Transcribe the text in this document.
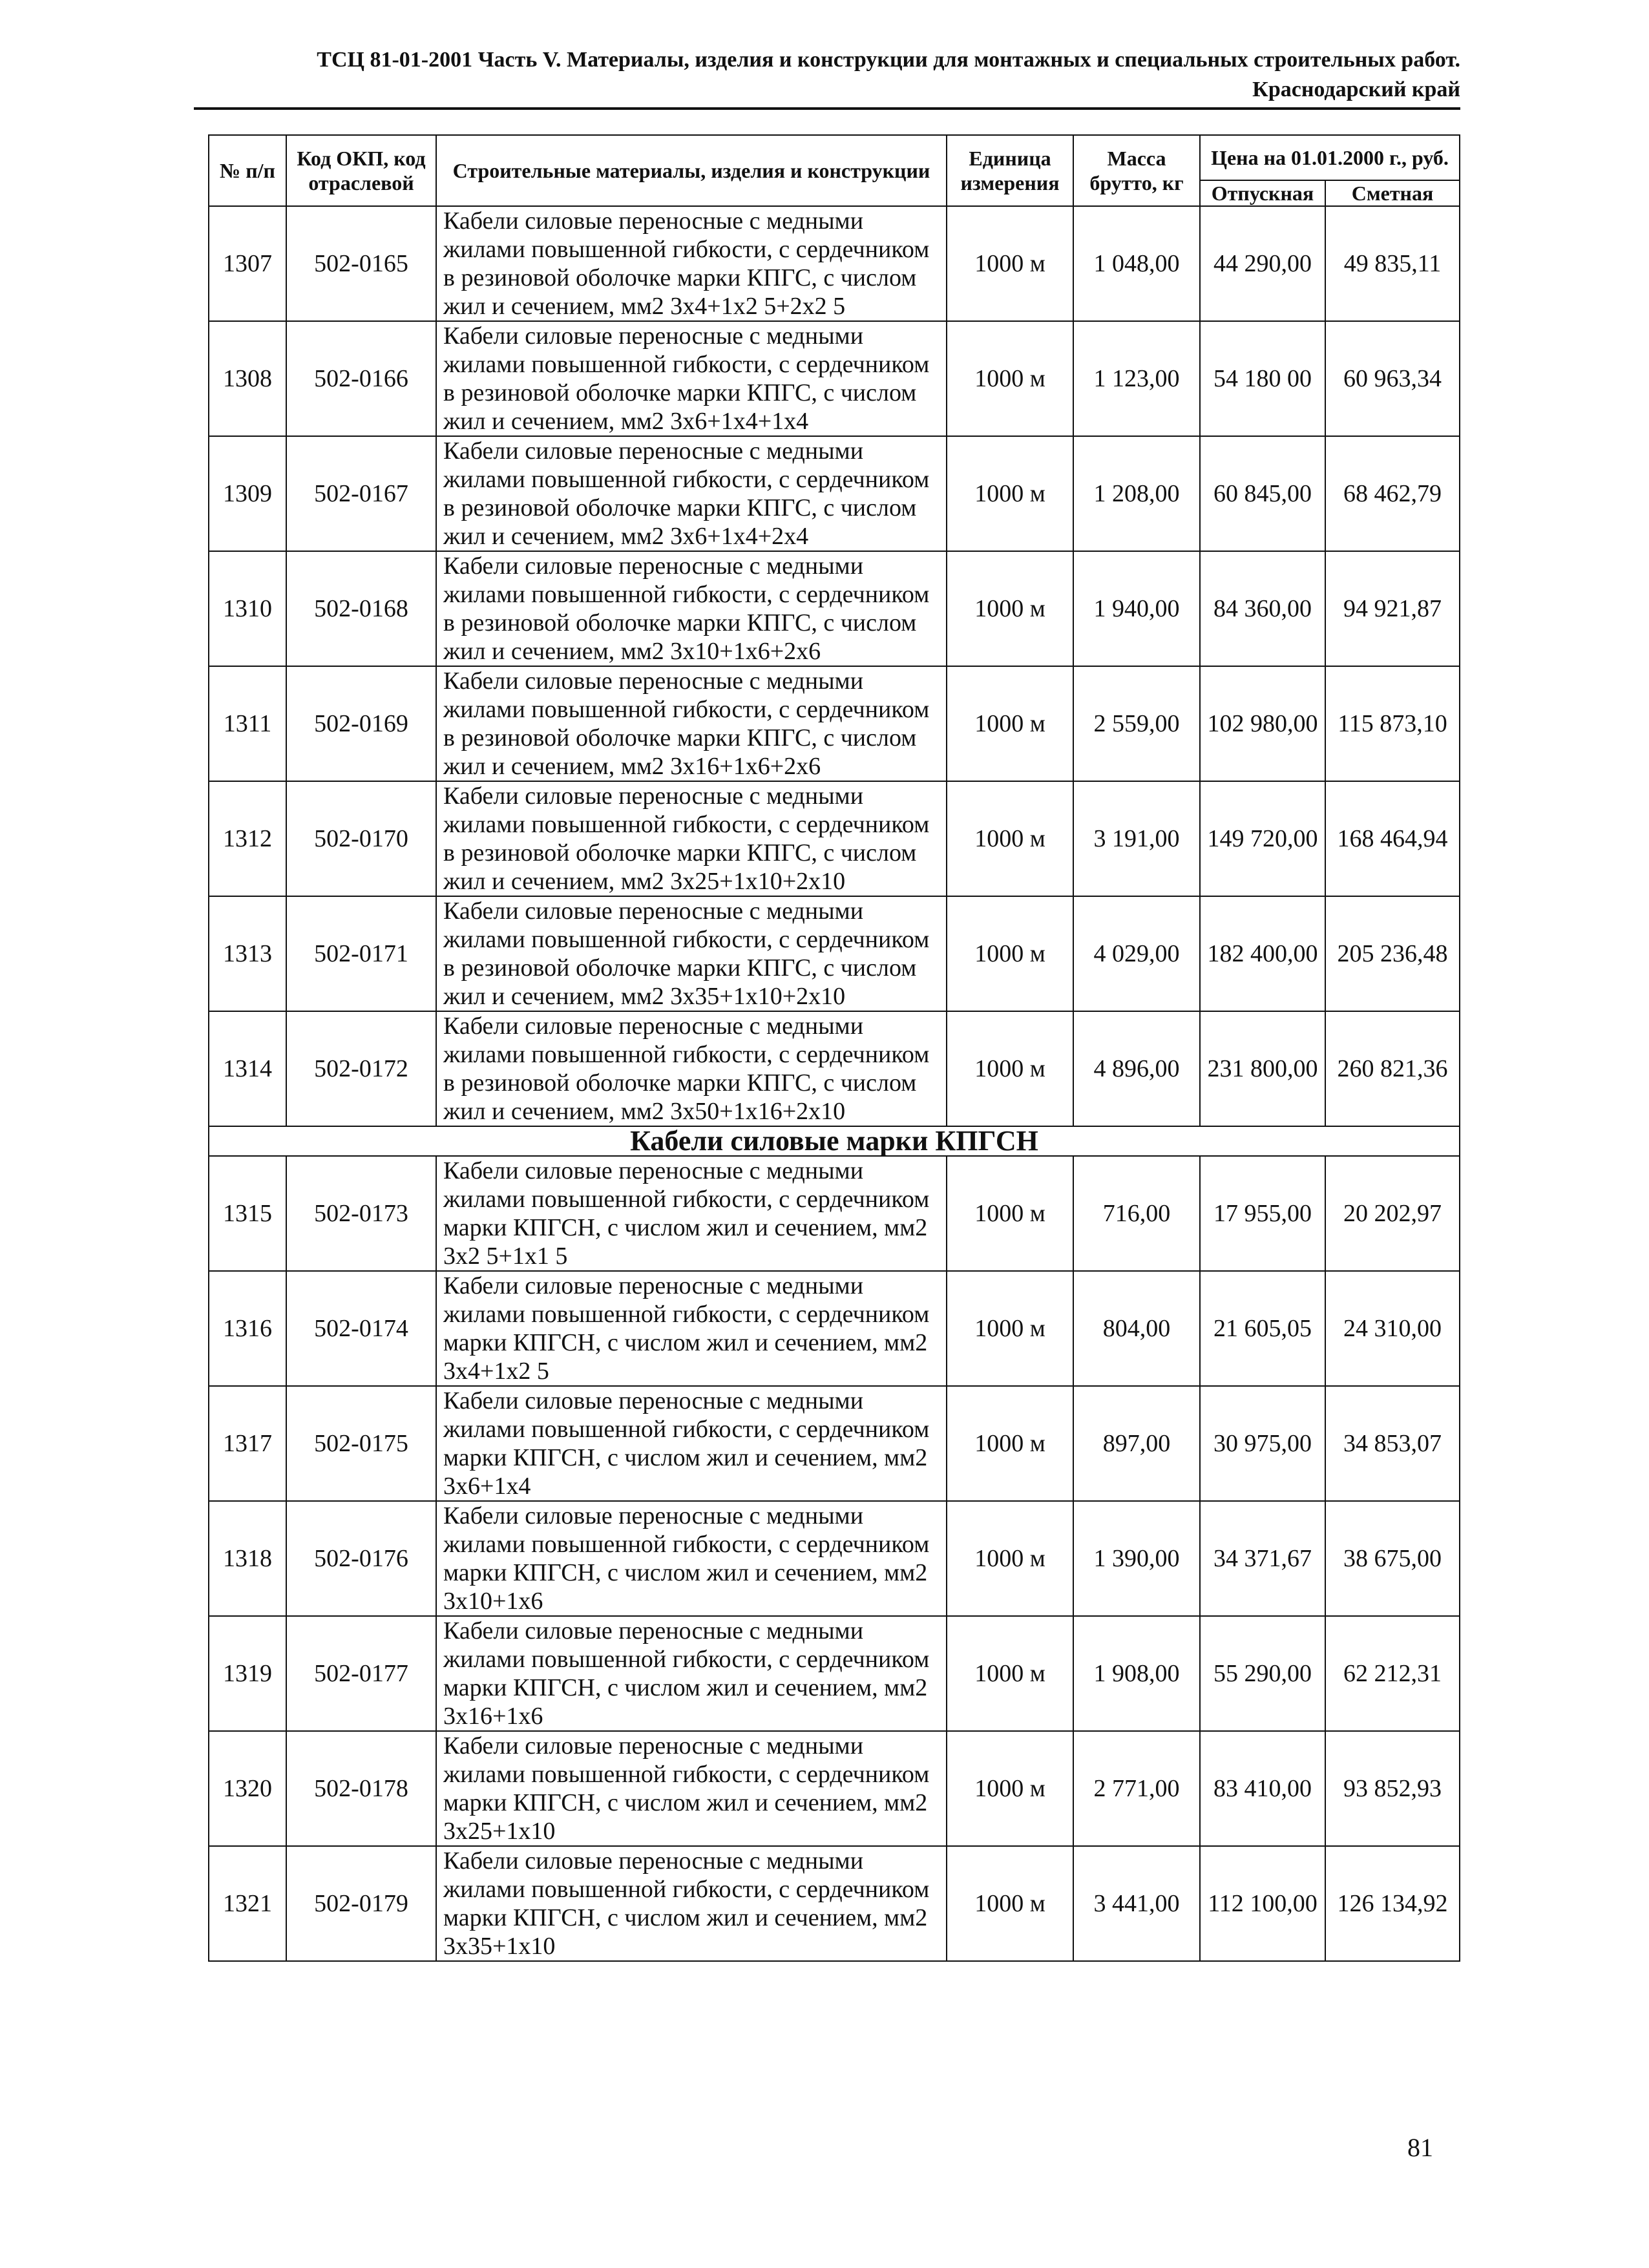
ТСЦ 81-01-2001 Часть V. Материалы, изделия и конструкции для монтажных и специальных строительных работ.
Краснодарский край
№ п/п	Код ОКП, код отраслевой	Строительные материалы, изделия и конструкции	Единица измерения	Масса брутто, кг	Цена на 01.01.2000 г., руб.	
					Отпускная	Сметная
1307	502-0165	Кабели силовые переносные с медными жилами повышенной гибкости, с сердечником в резиновой оболочке марки КПГС, с числом жил и сечением, мм2 3х4+1х2 5+2х2 5	1000 м	1 048,00	44 290,00	49 835,11
1308	502-0166	Кабели силовые переносные с медными жилами повышенной гибкости, с сердечником в резиновой оболочке марки КПГС, с числом жил и сечением, мм2 3х6+1х4+1х4	1000 м	1 123,00	54 180 00	60 963,34
1309	502-0167	Кабели силовые переносные с медными жилами повышенной гибкости, с сердечником в резиновой оболочке марки КПГС, с числом жил и сечением, мм2 3х6+1х4+2х4	1000 м	1 208,00	60 845,00	68 462,79
1310	502-0168	Кабели силовые переносные с медными жилами повышенной гибкости, с сердечником в резиновой оболочке марки КПГС, с числом жил и сечением, мм2 3х10+1х6+2х6	1000 м	1 940,00	84 360,00	94 921,87
1311	502-0169	Кабели силовые переносные с медными жилами повышенной гибкости, с сердечником в резиновой оболочке марки КПГС, с числом жил и сечением, мм2 3х16+1х6+2х6	1000 м	2 559,00	102 980,00	115 873,10
1312	502-0170	Кабели силовые переносные с медными жилами повышенной гибкости, с сердечником в резиновой оболочке марки КПГС, с числом жил и сечением, мм2 3х25+1х10+2х10	1000 м	3 191,00	149 720,00	168 464,94
1313	502-0171	Кабели силовые переносные с медными жилами повышенной гибкости, с сердечником в резиновой оболочке марки КПГС, с числом жил и сечением, мм2 3х35+1х10+2х10	1000 м	4 029,00	182 400,00	205 236,48
1314	502-0172	Кабели силовые переносные с медными жилами повышенной гибкости, с сердечником в резиновой оболочке марки КПГС, с числом жил и сечением, мм2 3х50+1х16+2х10	1000 м	4 896,00	231 800,00	260 821,36
Кабели силовые марки КПГСН						
1315	502-0173	Кабели силовые переносные с медными жилами повышенной гибкости, с сердечником марки КПГСН, с числом жил и сечением, мм2 3х2 5+1х1 5	1000 м	716,00	17 955,00	20 202,97
1316	502-0174	Кабели силовые переносные с медными жилами повышенной гибкости, с сердечником марки КПГСН, с числом жил и сечением, мм2 3х4+1х2 5	1000 м	804,00	21 605,05	24 310,00
1317	502-0175	Кабели силовые переносные с медными жилами повышенной гибкости, с сердечником марки КПГСН, с числом жил и сечением, мм2 3х6+1х4	1000 м	897,00	30 975,00	34 853,07
1318	502-0176	Кабели силовые переносные с медными жилами повышенной гибкости, с сердечником марки КПГСН, с числом жил и сечением, мм2 3х10+1х6	1000 м	1 390,00	34 371,67	38 675,00
1319	502-0177	Кабели силовые переносные с медными жилами повышенной гибкости, с сердечником марки КПГСН, с числом жил и сечением, мм2 3х16+1х6	1000 м	1 908,00	55 290,00	62 212,31
1320	502-0178	Кабели силовые переносные с медными жилами повышенной гибкости, с сердечником марки КПГСН, с числом жил и сечением, мм2 3х25+1х10	1000 м	2 771,00	83 410,00	93 852,93
1321	502-0179	Кабели силовые переносные с медными жилами повышенной гибкости, с сердечником марки КПГСН, с числом жил и сечением, мм2 3х35+1х10	1000 м	3 441,00	112 100,00	126 134,92
81
